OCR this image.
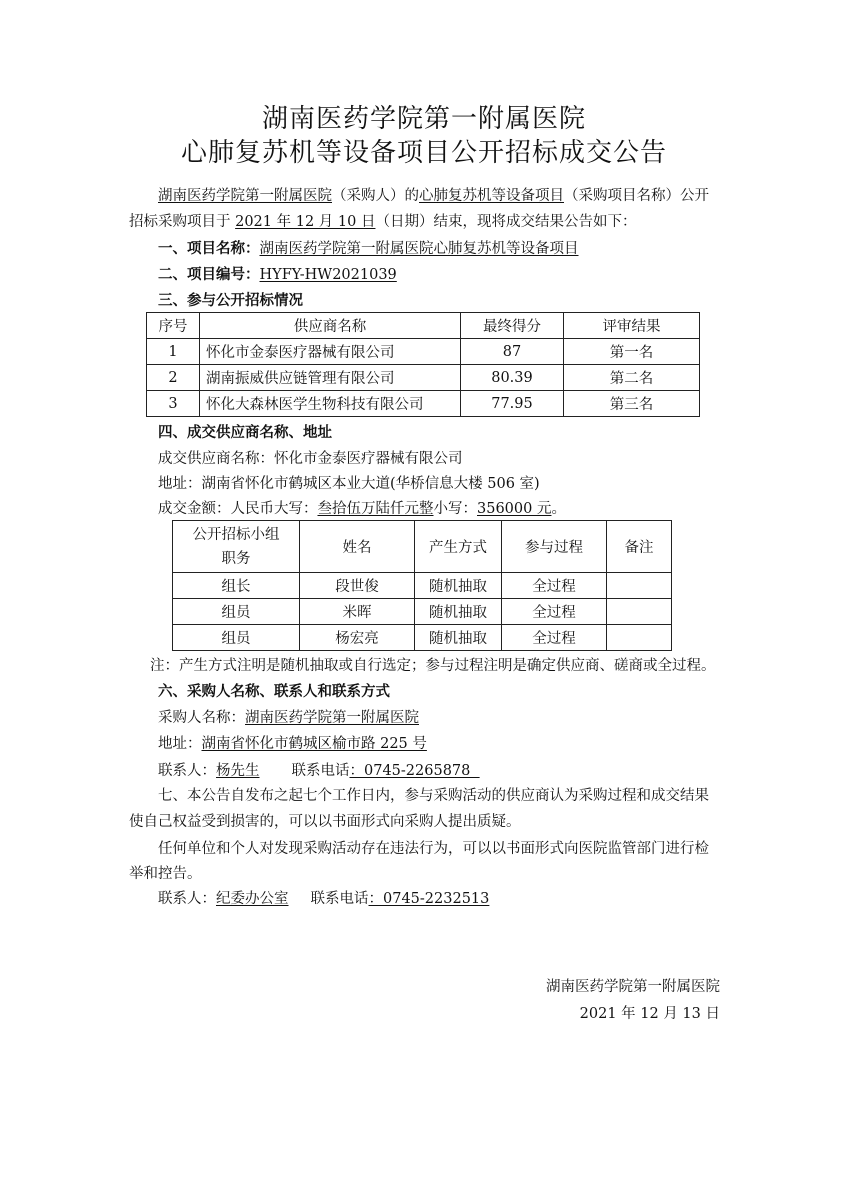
湖南医药学院第一附属医院
心肺复苏机等设备项目公开招标成交公告
湖南医药学院第一附属医院（采购人）的心肺复苏机等设备项目（采购项目名称）公开
招标采购项目于 2021 年 12 月 10 日（日期）结束，现将成交结果公告如下：
一、项目名称：湖南医药学院第一附属医院心肺复苏机等设备项目
二、项目编号：HYFY-HW2021039
三、参与公开招标情况
序号	供应商名称	最终得分	评审结果
1	怀化市金泰医疗器械有限公司	87	第一名
2	湖南振威供应链管理有限公司	80.39	第二名
3	怀化大森林医学生物科技有限公司	77.95	第三名
四、成交供应商名称、地址
成交供应商名称：怀化市金泰医疗器械有限公司
地址：湖南省怀化市鹤城区本业大道(华桥信息大楼 506 室)
成交金额：人民币大写：叁拾伍万陆仟元整小写：356000 元。
公开招标小组
职务	姓名	产生方式	参与过程	备注
组长	段世俊	随机抽取	全过程	
组员	米晖	随机抽取	全过程	
组员	杨宏亮	随机抽取	全过程	
注：产生方式注明是随机抽取或自行选定；参与过程注明是确定供应商、磋商或全过程。
六、采购人名称、联系人和联系方式
采购人名称：湖南医药学院第一附属医院
地址：湖南省怀化市鹤城区榆市路 225 号
联系人：杨先生 联系电话：0745-2265878
七、本公告自发布之起七个工作日内，参与采购活动的供应商认为采购过程和成交结果
使自己权益受到损害的，可以以书面形式向采购人提出质疑。
任何单位和个人对发现采购活动存在违法行为，可以以书面形式向医院监管部门进行检
举和控告。
联系人：纪委办公室 联系电话：0745-2232513
湖南医药学院第一附属医院
2021 年 12 月 13 日
